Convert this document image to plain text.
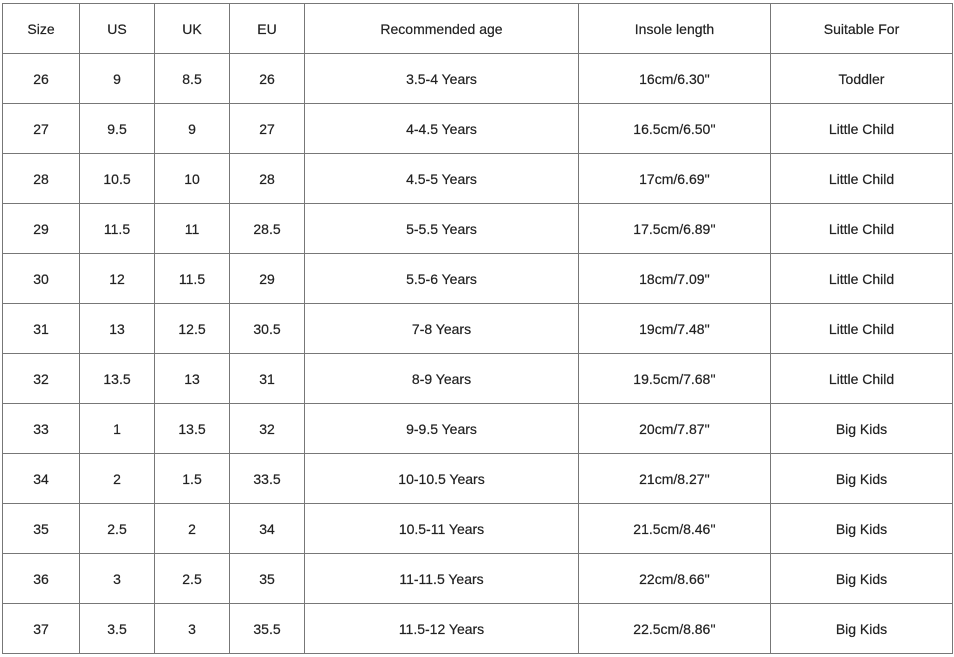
Size	US	UK	EU	Recommended age	Insole length	Suitable For
26	9	8.5	26	3.5-4 Years	16cm/6.30''	Toddler
27	9.5	9	27	4-4.5 Years	16.5cm/6.50''	Little Child
28	10.5	10	28	4.5-5 Years	17cm/6.69''	Little Child
29	11.5	11	28.5	5-5.5 Years	17.5cm/6.89''	Little Child
30	12	11.5	29	5.5-6 Years	18cm/7.09''	Little Child
31	13	12.5	30.5	7-8 Years	19cm/7.48''	Little Child
32	13.5	13	31	8-9 Years	19.5cm/7.68''	Little Child
33	1	13.5	32	9-9.5 Years	20cm/7.87''	Big Kids
34	2	1.5	33.5	10-10.5 Years	21cm/8.27''	Big Kids
35	2.5	2	34	10.5-11 Years	21.5cm/8.46''	Big Kids
36	3	2.5	35	11-11.5 Years	22cm/8.66''	Big Kids
37	3.5	3	35.5	11.5-12 Years	22.5cm/8.86''	Big Kids
